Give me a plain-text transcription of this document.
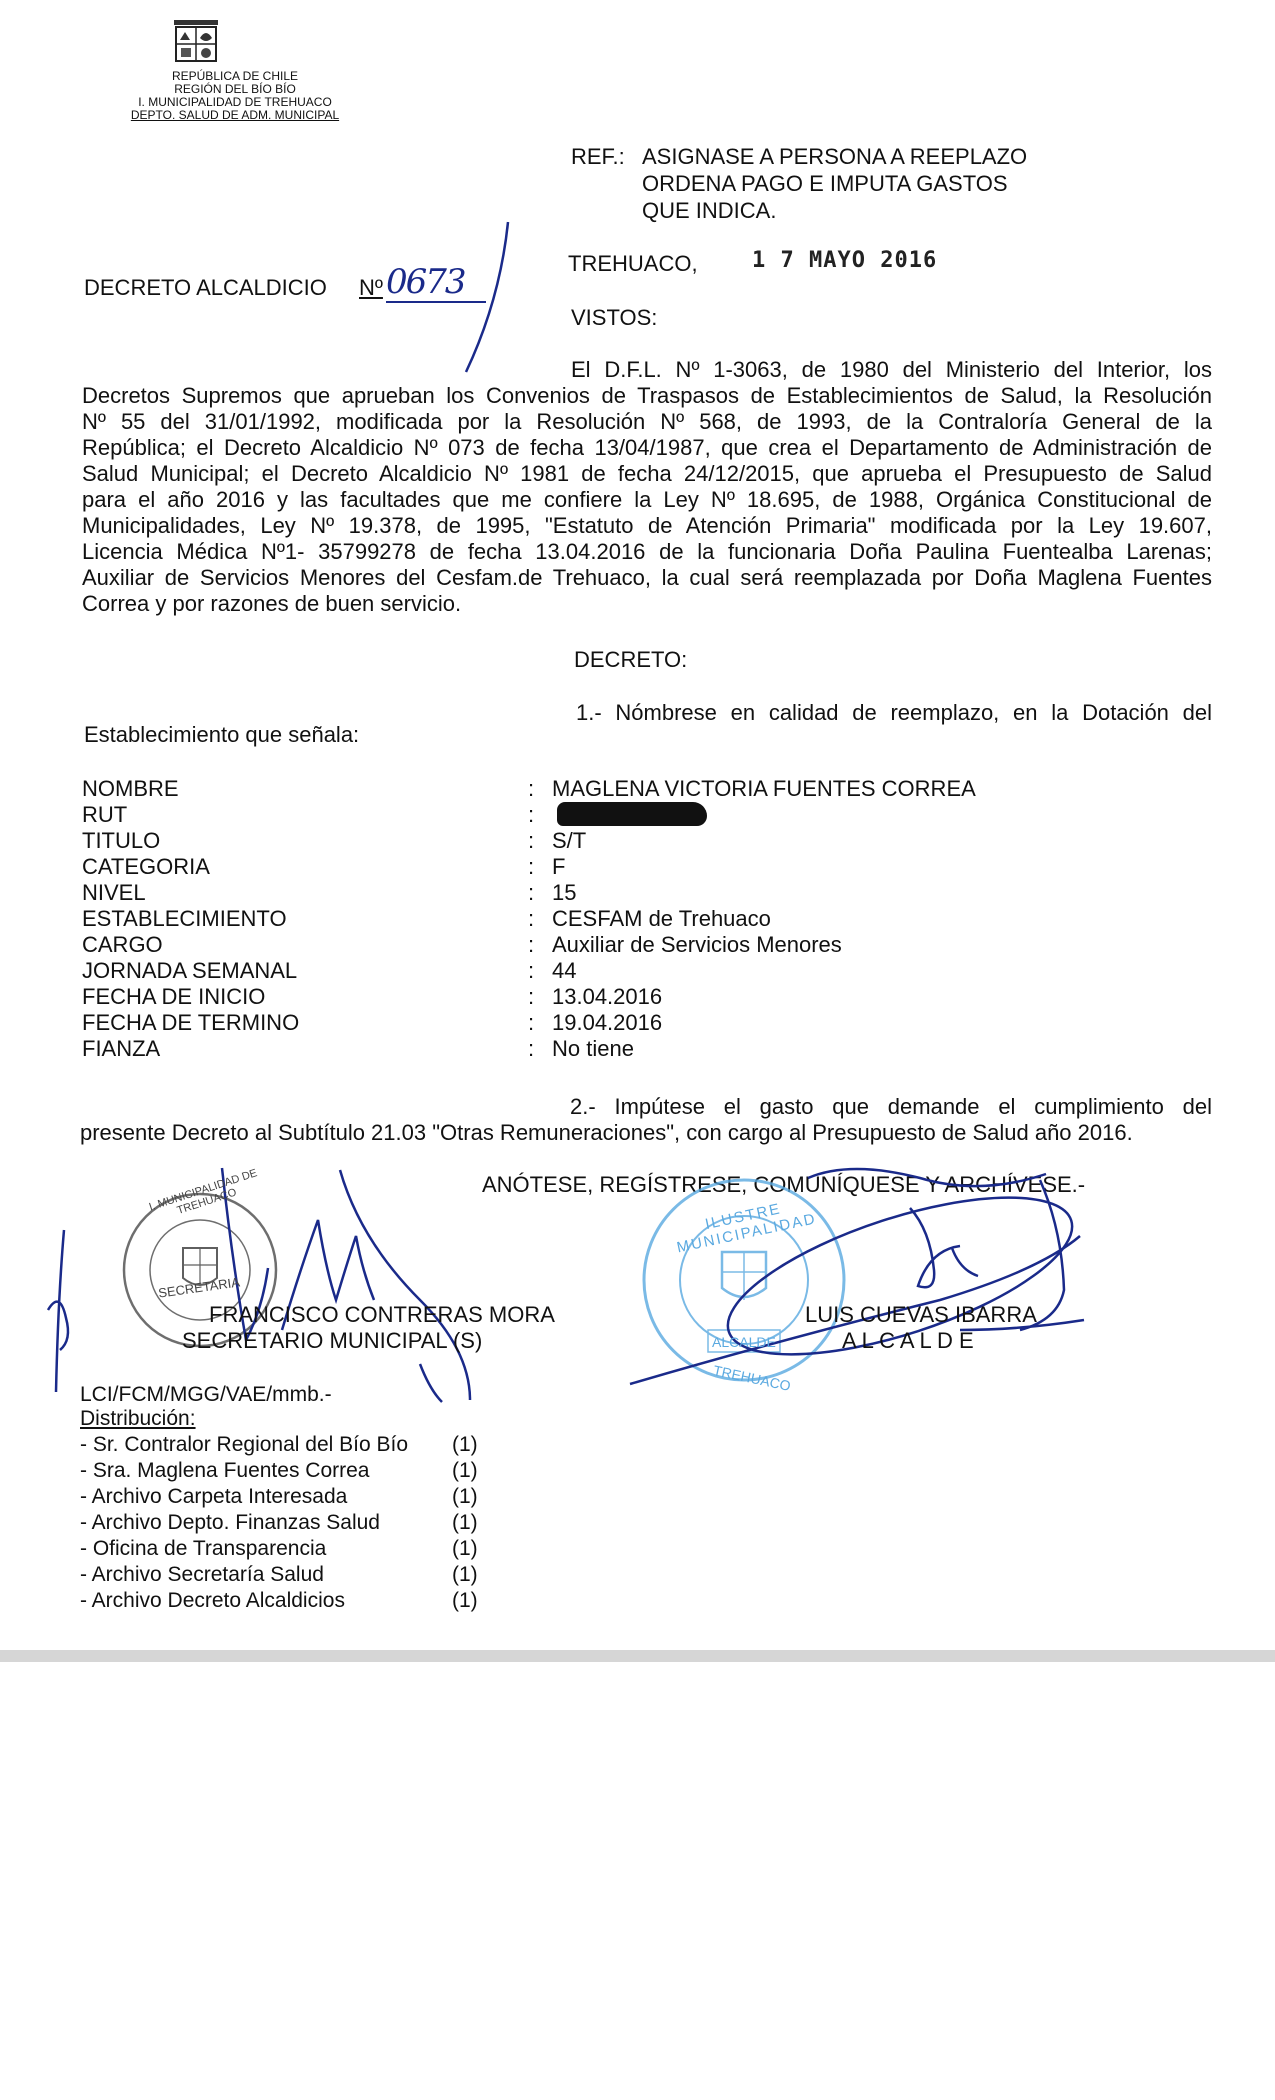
REPÚBLICA DE CHILE
REGIÓN DEL BÍO BÍO
I. MUNICIPALIDAD DE TREHUACO
DEPTO. SALUD DE ADM. MUNICIPAL
REF.: ASIGNASE A PERSONA A REEPLAZO
ORDENA PAGO E IMPUTA GASTOS
QUE INDICA.
DECRETO ALCALDICIO Nº 0673	TREHUACO, 1 7 MAYO 2016
VISTOS:
El D.F.L. Nº 1-3063, de 1980 del Ministerio del Interior, los
Decretos Supremos que aprueban los Convenios de Traspasos de Establecimientos de Salud, la Resolución
Nº 55 del 31/01/1992, modificada por la Resolución Nº 568, de 1993, de la Contraloría General de la
República; el Decreto Alcaldicio Nº 073 de fecha 13/04/1987, que crea el Departamento de Administración de
Salud Municipal; el Decreto Alcaldicio Nº 1981 de fecha 24/12/2015, que aprueba el Presupuesto de Salud
para el año 2016 y las facultades que me confiere la Ley Nº 18.695, de 1988, Orgánica Constitucional de
Municipalidades, Ley Nº 19.378, de 1995, "Estatuto de Atención Primaria" modificada por la Ley 19.607,
Licencia Médica Nº1- 35799278 de fecha 13.04.2016 de la funcionaria Doña Paulina Fuentealba Larenas;
Auxiliar de Servicios Menores del Cesfam.de Trehuaco, la cual será reemplazada por Doña Maglena Fuentes
Correa y por razones de buen servicio.
DECRETO:
1.- Nómbrese en calidad de reemplazo, en la Dotación del
Establecimiento que señala:
NOMBRE	: MAGLENA VICTORIA FUENTES CORREA
RUT	:
TITULO	: S/T
CATEGORIA	: F
NIVEL	: 15
ESTABLECIMIENTO	: CESFAM de Trehuaco
CARGO	: Auxiliar de Servicios Menores
JORNADA SEMANAL	: 44
FECHA DE INICIO	: 13.04.2016
FECHA DE TERMINO	: 19.04.2016
FIANZA	: No tiene
2.- Impútese el gasto que demande el cumplimiento del
presente Decreto al Subtítulo 21.03 "Otras Remuneraciones", con cargo al Presupuesto de Salud año 2016.
ANÓTESE, REGÍSTRESE, COMUNÍQUESE Y ARCHÍVESE.-
SECRETARIA
I. MUNICIPALIDAD DE TREHUACO	ILUSTRE MUNICIPALIDAD
ALCALDE
TREHUACO
FRANCISCO CONTRERAS MORA
SECRETARIO MUNICIPAL (S)
LUIS CUEVAS IBARRA
A L C A L D E
LCI/FCM/MGG/VAE/mmb.-
Distribución:
- Sr. Contralor Regional del Bío Bío (1)
- Sra. Maglena Fuentes Correa	(1)
- Archivo Carpeta Interesada	(1)
- Archivo Depto. Finanzas Salud	(1)
- Oficina de Transparencia	(1)
- Archivo Secretaría Salud	(1)
- Archivo Decreto Alcaldicios	(1)
